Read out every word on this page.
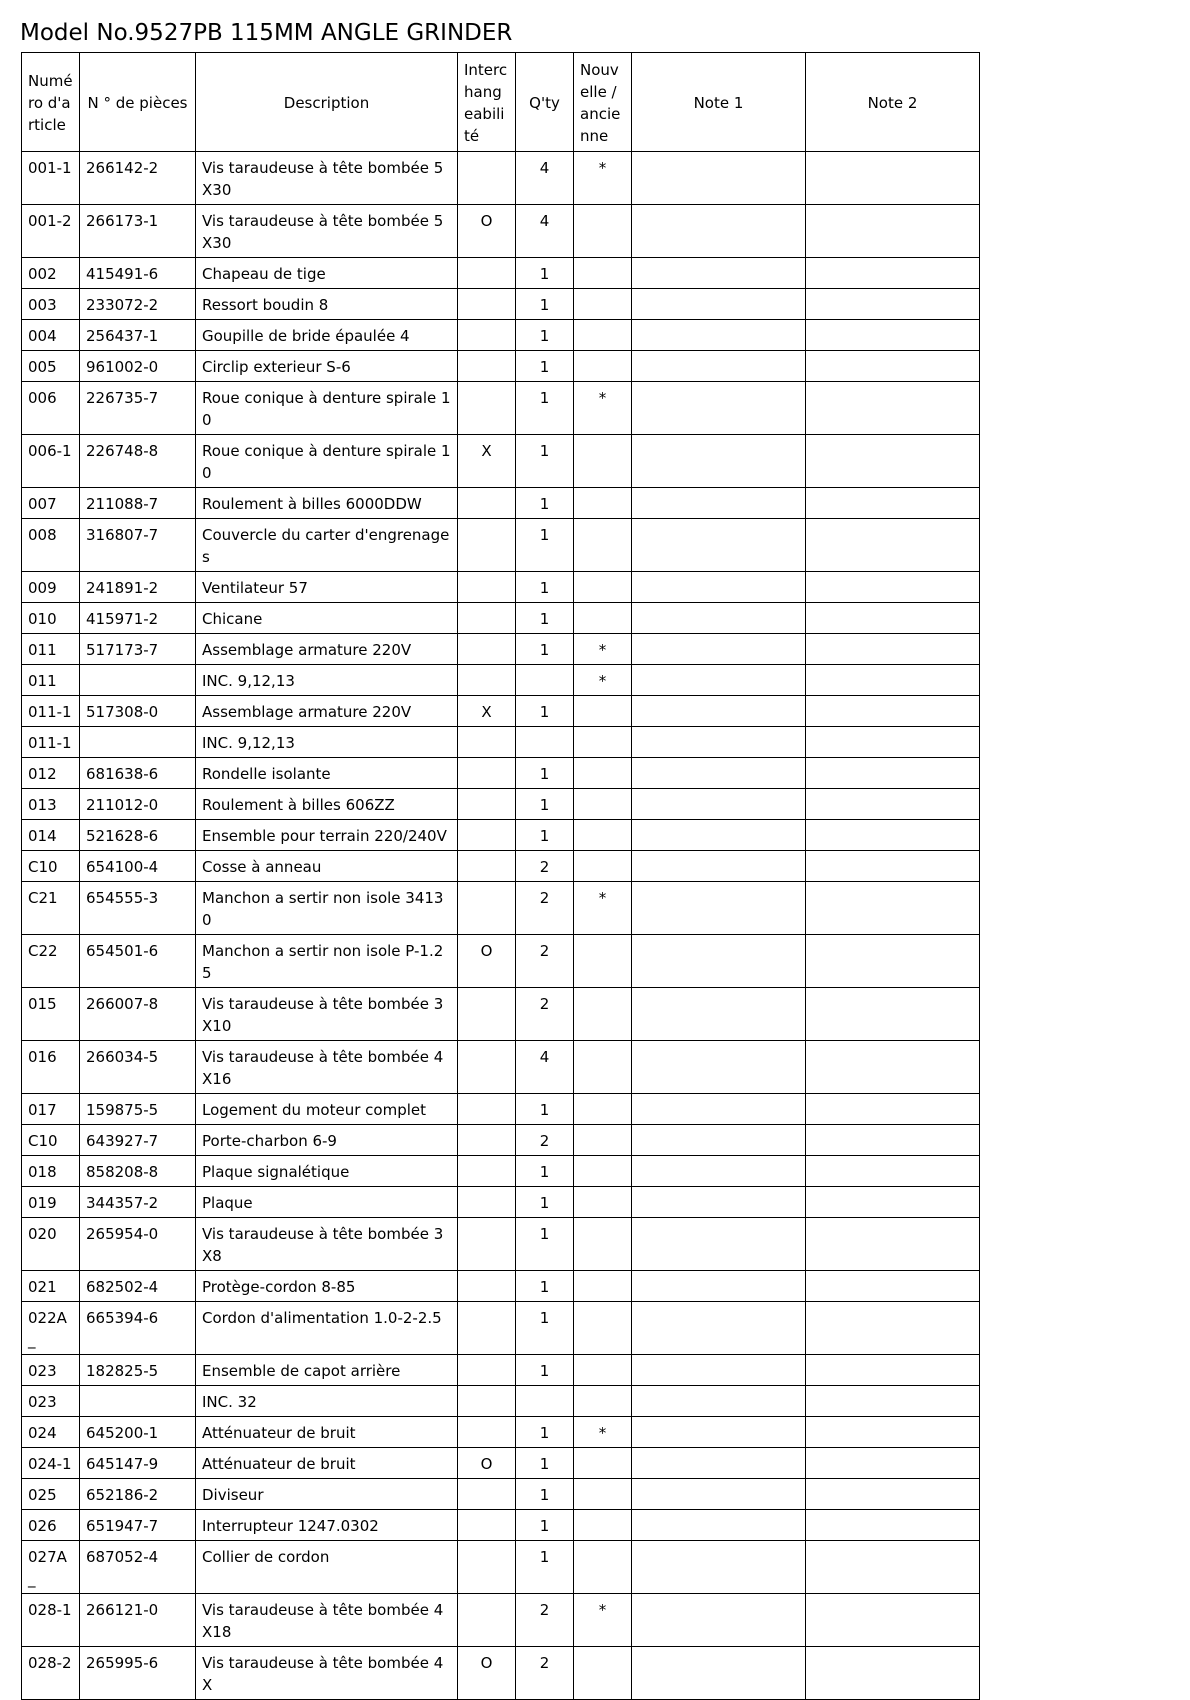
Model No.9527PB 115MM ANGLE GRINDER
Numéro d'article	N ° de pièces	Description	Interchangeabilité	Q'ty	Nouvelle / ancienne	Note 1	Note 2
001-1	266142-2	Vis taraudeuse à tête bombée 5X30		4	*		
001-2	266173-1	Vis taraudeuse à tête bombée 5X30	O	4			
002	415491-6	Chapeau de tige		1			
003	233072-2	Ressort boudin 8		1			
004	256437-1	Goupille de bride épaulée 4		1			
005	961002-0	Circlip exterieur S-6		1			
006	226735-7	Roue conique à denture spirale 10		1	*		
006-1	226748-8	Roue conique à denture spirale 10	X	1			
007	211088-7	Roulement à billes 6000DDW		1			
008	316807-7	Couvercle du carter d'engrenages		1			
009	241891-2	Ventilateur 57		1			
010	415971-2	Chicane		1			
011	517173-7	Assemblage armature 220V		1	*		
011		INC. 9,12,13			*		
011-1	517308-0	Assemblage armature 220V	X	1			
011-1		INC. 9,12,13					
012	681638-6	Rondelle isolante		1			
013	211012-0	Roulement à billes 606ZZ		1			
014	521628-6	Ensemble pour terrain 220/240V		1			
C10	654100-4	Cosse à anneau		2			
C21	654555-3	Manchon a sertir non isole 34130		2	*		
C22	654501-6	Manchon a sertir non isole P-1.25	O	2			
015	266007-8	Vis taraudeuse à tête bombée 3X10		2			
016	266034-5	Vis taraudeuse à tête bombée 4X16		4			
017	159875-5	Logement du moteur complet		1			
C10	643927-7	Porte-charbon 6-9		2			
018	858208-8	Plaque signalétique		1			
019	344357-2	Plaque		1			
020	265954-0	Vis taraudeuse à tête bombée 3X8		1			
021	682502-4	Protège-cordon 8-85		1			
022A_	665394-6	Cordon d'alimentation 1.0-2-2.5		1			
023	182825-5	Ensemble de capot arrière		1			
023		INC. 32					
024	645200-1	Atténuateur de bruit		1	*		
024-1	645147-9	Atténuateur de bruit	O	1			
025	652186-2	Diviseur		1			
026	651947-7	Interrupteur 1247.0302		1			
027A_	687052-4	Collier de cordon		1			
028-1	266121-0	Vis taraudeuse à tête bombée 4X18		2	*		
028-2	265995-6	Vis taraudeuse à tête bombée 4X	O	2			
